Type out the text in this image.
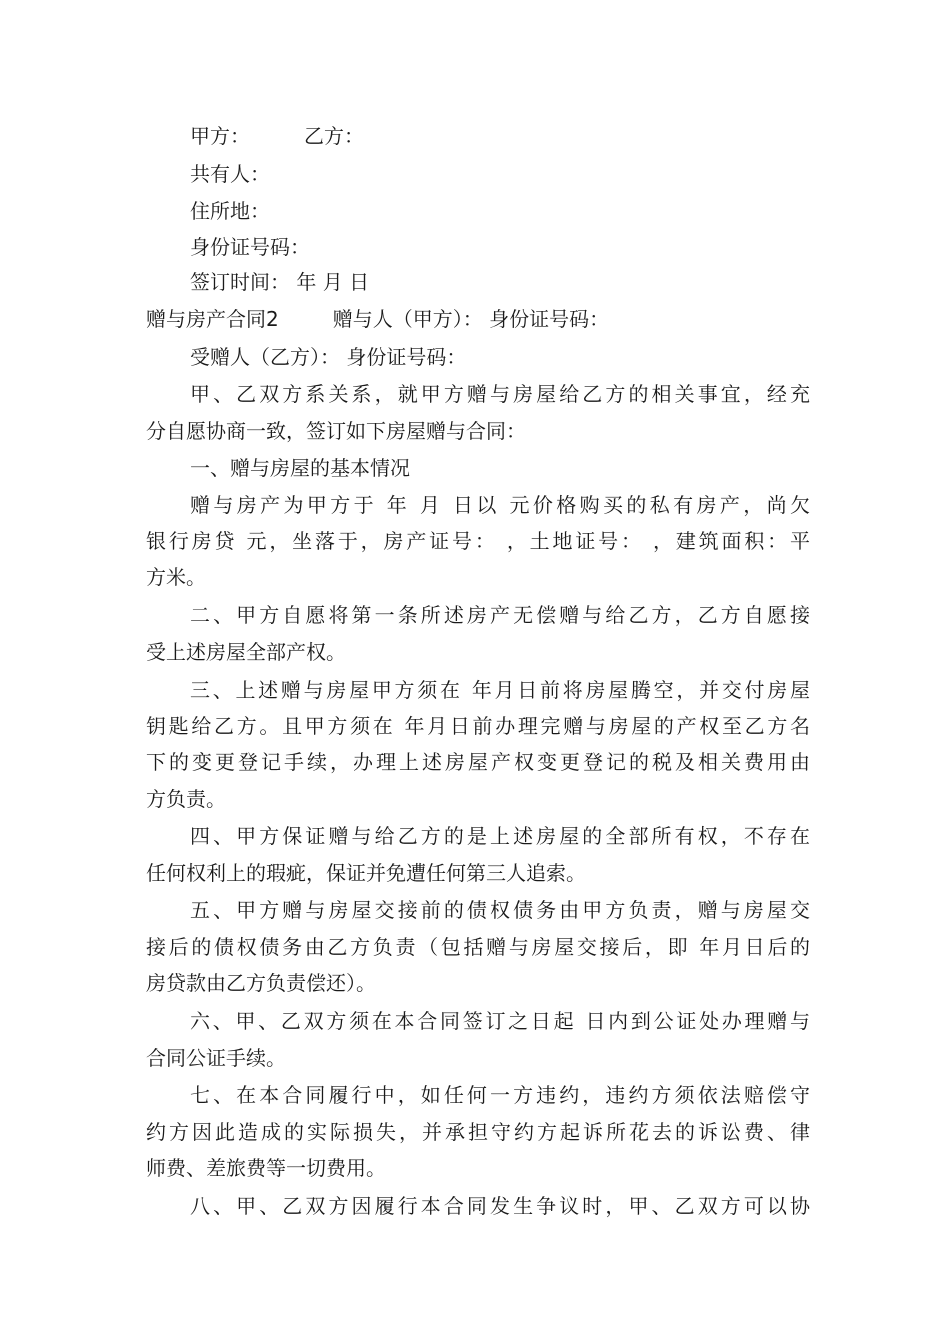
甲方：	乙方：
共有人：
住所地：
身份证号码：
签订时间： 年 月 日
赠与房产合同2	赠与人（甲方）： 身份证号码：
受赠人（乙方）： 身份证号码：
甲、乙双方系关系，就甲方赠与房屋给乙方的相关事宜，经充
分自愿协商一致，签订如下房屋赠与合同：
一、赠与房屋的基本情况
赠与房产为甲方于 年 月 日以 元价格购买的私有房产，尚欠
银行房贷 元，坐落于，房产证号： ，土地证号： ，建筑面积：平
方米。
二、甲方自愿将第一条所述房产无偿赠与给乙方，乙方自愿接
受上述房屋全部产权。
三、上述赠与房屋甲方须在 年月日前将房屋腾空，并交付房屋
钥匙给乙方。且甲方须在 年月日前办理完赠与房屋的产权至乙方名
下的变更登记手续，办理上述房屋产权变更登记的税及相关费用由
方负责。
四、甲方保证赠与给乙方的是上述房屋的全部所有权，不存在
任何权利上的瑕疵，保证并免遭任何第三人追索。
五、甲方赠与房屋交接前的债权债务由甲方负责，赠与房屋交
接后的债权债务由乙方负责（包括赠与房屋交接后，即 年月日后的
房贷款由乙方负责偿还）。
六、甲、乙双方须在本合同签订之日起 日内到公证处办理赠与
合同公证手续。
七、在本合同履行中，如任何一方违约，违约方须依法赔偿守
约方因此造成的实际损失，并承担守约方起诉所花去的诉讼费、律
师费、差旅费等一切费用。
八、甲、乙双方因履行本合同发生争议时，甲、乙双方可以协
